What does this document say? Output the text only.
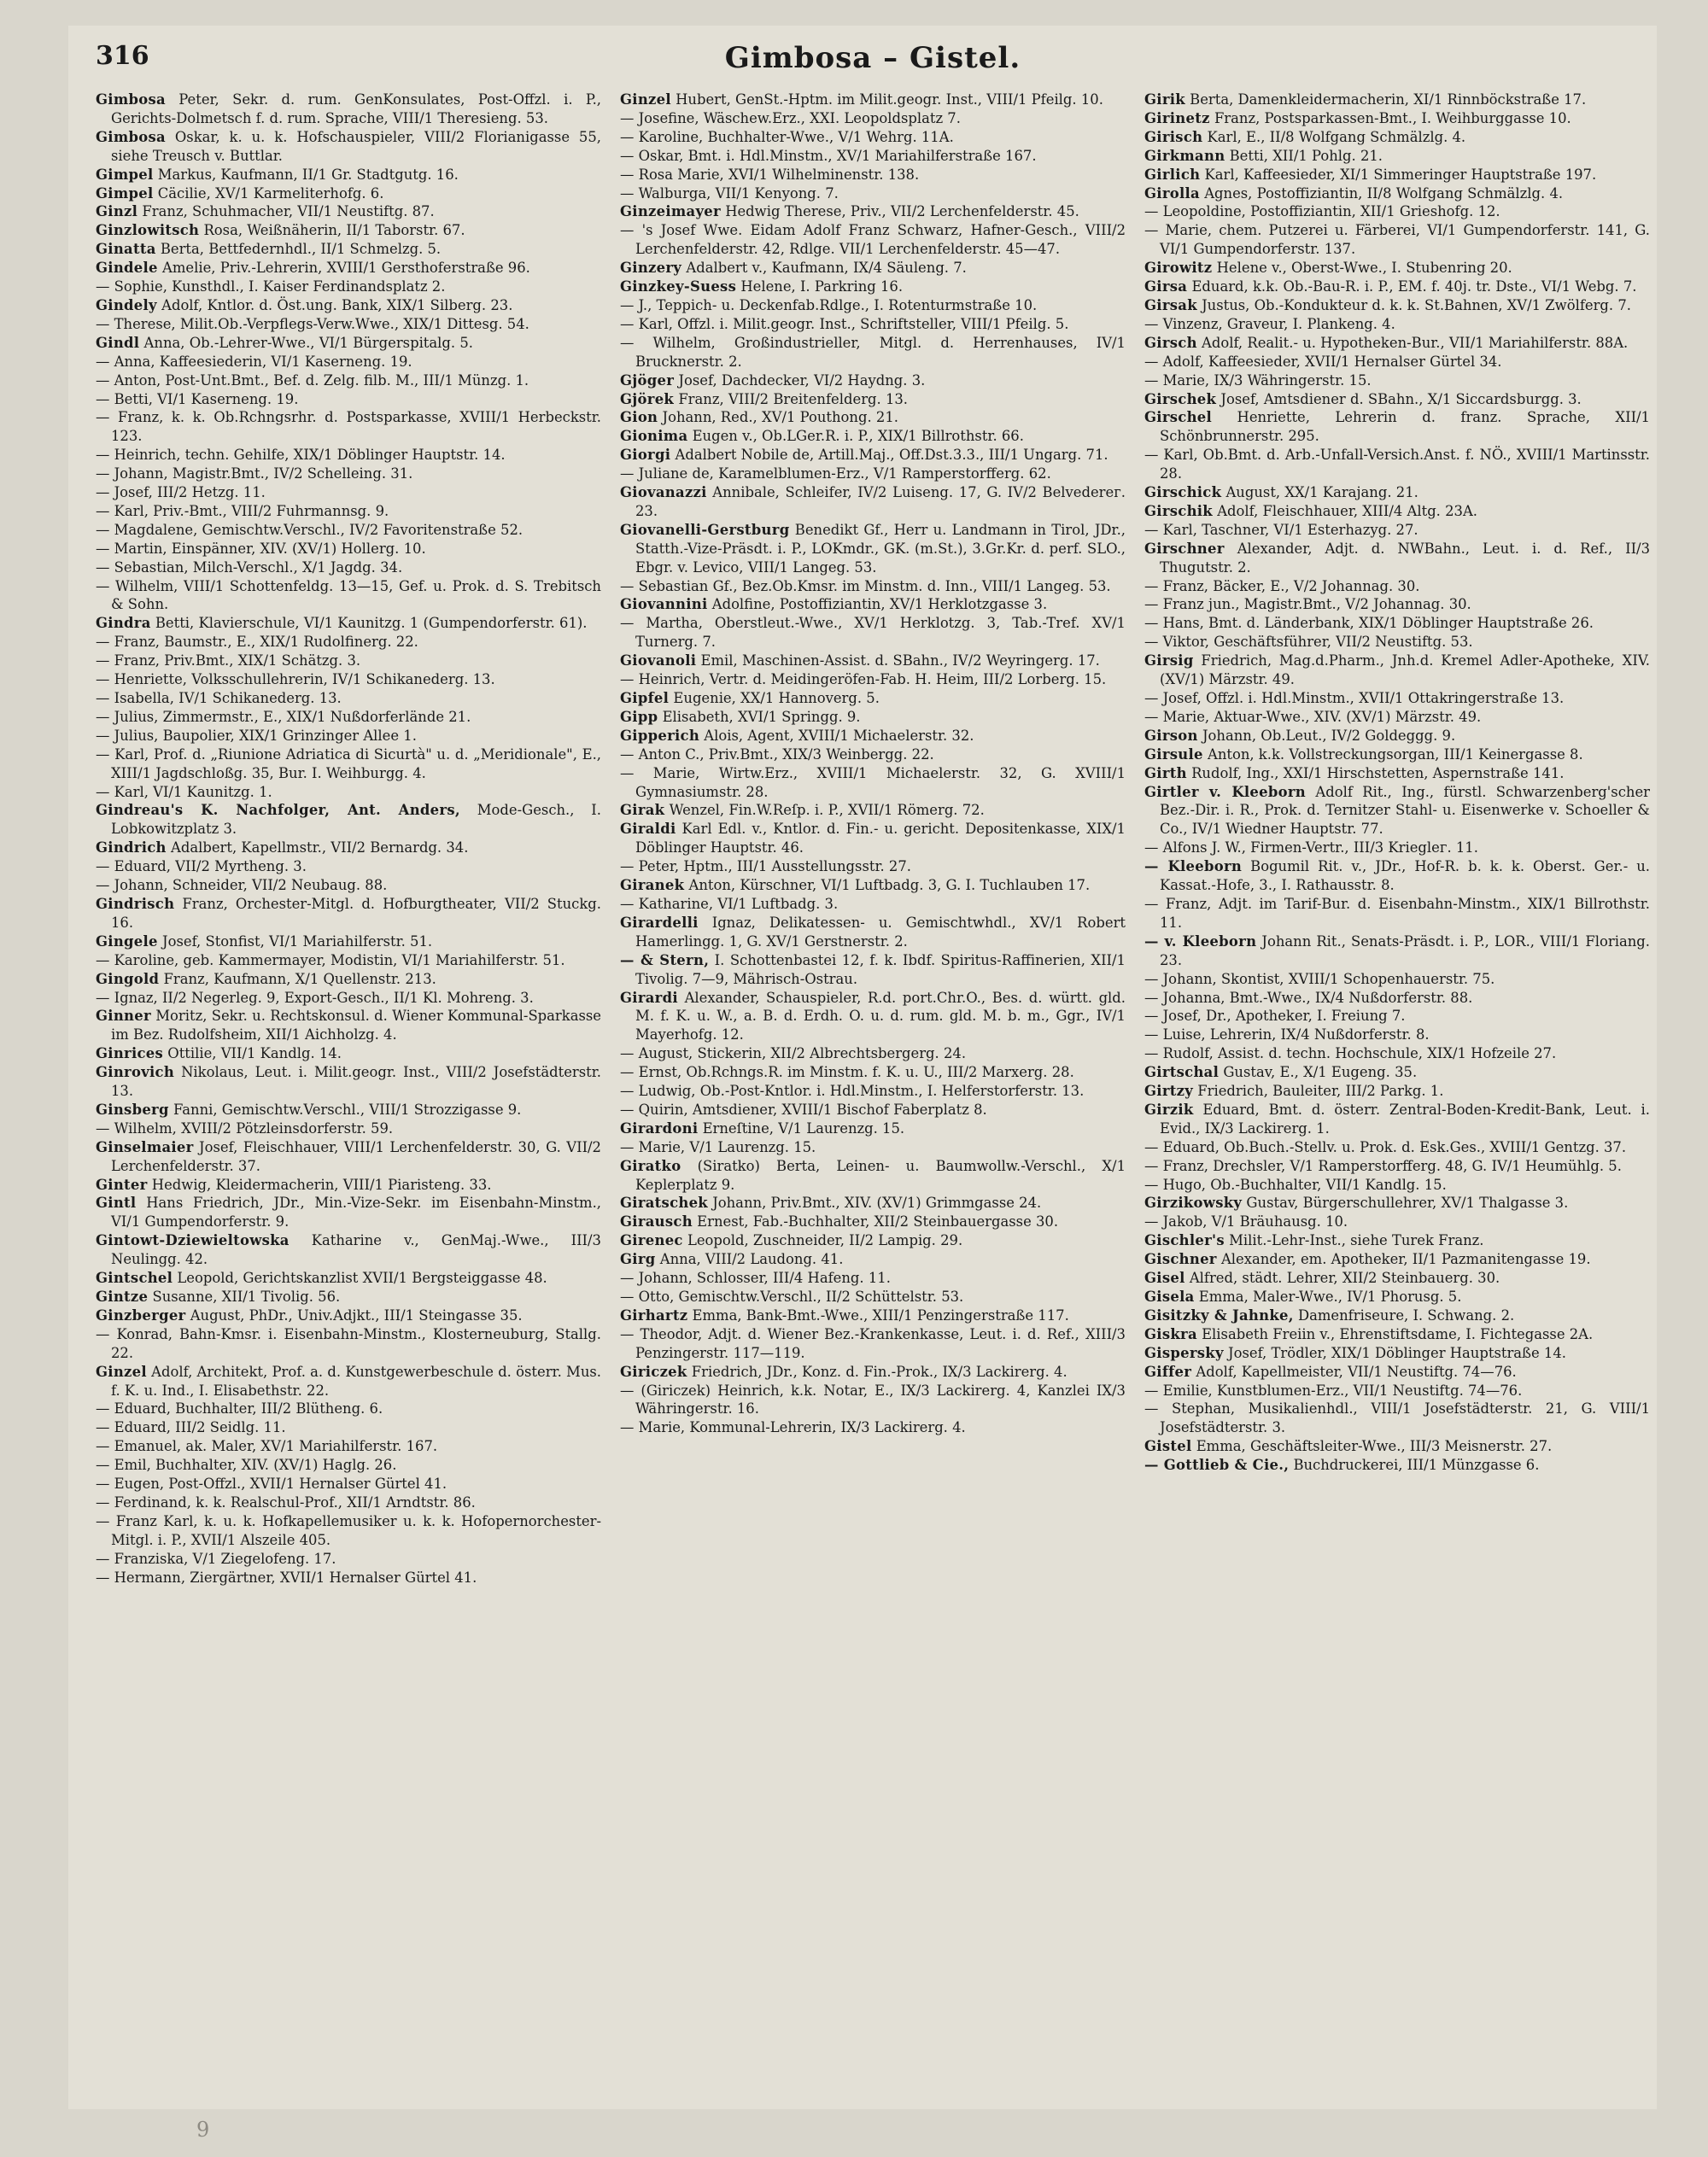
316	Gimbosa – Gistel.

Gimbosa Peter, Sekr. d. rum. GenKonsulates, Post-Offzl. i. P., Gerichts-Dolmetsch f. d. rum. Sprache, VIII/1 Theresieng. 53.

Gimbosa Oskar, k. u. k. Hofschauspieler, VIII/2 Florianigasse 55, siehe Treusch v. Buttlar.

Gimpel Markus, Kaufmann, II/1 Gr. Stadtgutg. 16.

Gimpel Cäcilie, XV/1 Karmeliterhofg. 6.

Ginzl Franz, Schuhmacher, VII/1 Neustiftg. 87.

Ginzlowitsch Rosa, Weißnäherin, II/1 Taborstr. 67.

Ginatta Berta, Bettfedernhdl., II/1 Schmelzg. 5.

Gindele Amelie, Priv.-Lehrerin, XVIII/1 Gersthoferstraße 96.

— Sophie, Kunsthdl., I. Kaiser Ferdinandsplatz 2.

Gindely Adolf, Kntlor. d. Öst.ung. Bank, XIX/1 Silberg. 23.

— Therese, Milit.Ob.-Verpflegs-Verw.Wwe., XIX/1 Dittesg. 54.

Gindl Anna, Ob.-Lehrer-Wwe., VI/1 Bürgerspitalg. 5.

— Anna, Kaffeesiederin, VI/1 Kaserneng. 19.

— Anton, Post-Unt.Bmt., Bef. d. Zelg. filb. M., III/1 Münzg. 1.

— Betti, VI/1 Kaserneng. 19.

— Franz, k. k. Ob.Rchngsrhr. d. Postsparkasse, XVIII/1 Herbeckstr. 123.

— Heinrich, techn. Gehilfe, XIX/1 Döblinger Hauptstr. 14.

— Johann, Magistr.Bmt., IV/2 Schelleing. 31.

— Josef, III/2 Hetzg. 11.

— Karl, Priv.-Bmt., VIII/2 Fuhrmannsg. 9.

— Magdalene, Gemischtw.Verschl., IV/2 Favoritenstraße 52.

— Martin, Einspänner, XIV. (XV/1) Hollerg. 10.

— Sebastian, Milch-Verschl., X/1 Jagdg. 34.

— Wilhelm, VIII/1 Schottenfeldg. 13—15, Gef. u. Prok. d. S. Trebitsch & Sohn.

Gindra Betti, Klavierschule, VI/1 Kaunitzg. 1 (Gumpendorferstr. 61).

— Franz, Baumstr., E., XIX/1 Rudolfinerg. 22.

— Franz, Priv.Bmt., XIX/1 Schätzg. 3.

— Henriette, Volksschullehrerin, IV/1 Schikanederg. 13.

— Isabella, IV/1 Schikanederg. 13.

— Julius, Zimmermstr., E., XIX/1 Nußdorferlände 21.

— Julius, Baupolier, XIX/1 Grinzinger Allee 1.

— Karl, Prof. d. „Riunione Adriatica di Sicurtà" u. d. „Meridionale", E., XIII/1 Jagdschloßg. 35, Bur. I. Weihburgg. 4.

— Karl, VI/1 Kaunitzg. 1.

Gindreau's K. Nachfolger, Ant. Anders, Mode-Gesch., I. Lobkowitzplatz 3.

Gindrich Adalbert, Kapellmstr., VII/2 Bernardg. 34.

— Eduard, VII/2 Myrtheng. 3.

— Johann, Schneider, VII/2 Neubaug. 88.

Gindrisch Franz, Orchester-Mitgl. d. Hofburgtheater, VII/2 Stuckg. 16.

Gingele Josef, Stonfist, VI/1 Mariahilferstr. 51.

— Karoline, geb. Kammermayer, Modistin, VI/1 Mariahilferstr. 51.

Gingold Franz, Kaufmann, X/1 Quellenstr. 213.

— Ignaz, II/2 Negerleg. 9, Export-Gesch., II/1 Kl. Mohreng. 3.

Ginner Moritz, Sekr. u. Rechtskonsul. d. Wiener Kommunal-Sparkasse im Bez. Rudolfsheim, XII/1 Aichholzg. 4.

Ginrices Ottilie, VII/1 Kandlg. 14.

Ginrovich Nikolaus, Leut. i. Milit.geogr. Inst., VIII/2 Josefstädterstr. 13.

Ginsberg Fanni, Gemischtw.Verschl., VIII/1 Strozzigasse 9.

— Wilhelm, XVIII/2 Pötzleinsdorferstr. 59.

Ginselmaier Josef, Fleischhauer, VIII/1 Lerchenfelderstr. 30, G. VII/2 Lerchenfelderstr. 37.

Ginter Hedwig, Kleidermacherin, VIII/1 Piaristeng. 33.

Gintl Hans Friedrich, JDr., Min.-Vize-Sekr. im Eisenbahn-Minstm., VI/1 Gumpendorferstr. 9.

Gintowt-Dziewieltowska Katharine v., GenMaj.-Wwe., III/3 Neulingg. 42.

Gintschel Leopold, Gerichtskanzlist XVII/1 Bergsteiggasse 48.

Gintze Susanne, XII/1 Tivolig. 56.

Ginzberger August, PhDr., Univ.Adjkt., III/1 Steingasse 35.

— Konrad, Bahn-Kmsr. i. Eisenbahn-Minstm., Klosterneuburg, Stallg. 22.

Ginzel Adolf, Architekt, Prof. a. d. Kunstgewerbeschule d. österr. Mus. f. K. u. Ind., I. Elisabethstr. 22.

— Eduard, Buchhalter, III/2 Blütheng. 6.

— Eduard, III/2 Seidlg. 11.

— Emanuel, ak. Maler, XV/1 Mariahilferstr. 167.

— Emil, Buchhalter, XIV. (XV/1) Haglg. 26.

— Eugen, Post-Offzl., XVII/1 Hernalser Gürtel 41.

— Ferdinand, k. k. Realschul-Prof., XII/1 Arndtstr. 86.

— Franz Karl, k. u. k. Hofkapellemusiker u. k. k. Hofopernorchester-Mitgl. i. P., XVII/1 Alszeile 405.

— Franziska, V/1 Ziegelofeng. 17.

— Hermann, Ziergärtner, XVII/1 Hernalser Gürtel 41.

Ginzel Hubert, GenSt.-Hptm. im Milit.geogr. Inst., VIII/1 Pfeilg. 10.

— Josefine, Wäschew.Erz., XXI. Leopoldsplatz 7.

— Karoline, Buchhalter-Wwe., V/1 Wehrg. 11A.

— Oskar, Bmt. i. Hdl.Minstm., XV/1 Mariahilferstraße 167.

— Rosa Marie, XVI/1 Wilhelminenstr. 138.

— Walburga, VII/1 Kenyong. 7.

Ginzeimayer Hedwig Therese, Priv., VII/2 Lerchenfelderstr. 45.

— 's Josef Wwe. Eidam Adolf Franz Schwarz, Hafner-Gesch., VIII/2 Lerchenfelderstr. 42, Rdlge. VII/1 Lerchenfelderstr. 45—47.

Ginzery Adalbert v., Kaufmann, IX/4 Säuleng. 7.

Ginzkey-Suess Helene, I. Parkring 16.

— J., Teppich- u. Deckenfab.Rdlge., I. Rotenturmstraße 10.

— Karl, Offzl. i. Milit.geogr. Inst., Schriftsteller, VIII/1 Pfeilg. 5.

— Wilhelm, Großindustrieller, Mitgl. d. Herrenhauses, IV/1 Brucknerstr. 2.

Gjöger Josef, Dachdecker, VI/2 Haydng. 3.

Gjörek Franz, VIII/2 Breitenfelderg. 13.

Gion Johann, Red., XV/1 Pouthong. 21.

Gionima Eugen v., Ob.LGer.R. i. P., XIX/1 Billrothstr. 66.

Giorgi Adalbert Nobile de, Artill.Maj., Off.Dst.3.3., III/1 Ungarg. 71.

— Juliane de, Karamelblumen-Erz., V/1 Ramperstorfferg. 62.

Giovanazzi Annibale, Schleifer, IV/2 Luiseng. 17, G. IV/2 Belvederег. 23.

Giovanelli-Gerstburg Benedikt Gf., Herr u. Landmann in Tirol, JDr., Statth.-Vize-Präsdt. i. P., LOKmdr., GK. (m.St.), 3.Gr.Kr. d. perf. SLO., Ebgr. v. Levico, VIII/1 Langeg. 53.

— Sebastian Gf., Bez.Ob.Kmsr. im Minstm. d. Inn., VIII/1 Langeg. 53.

Giovannini Adolfine, Postoffiziantin, XV/1 Herklotzgasse 3.

— Martha, Oberstleut.-Wwe., XV/1 Herklotzg. 3, Tab.-Tref. XV/1 Turnerg. 7.

Giovanoli Emil, Maschinen-Assist. d. SBahn., IV/2 Weyringerg. 17.

— Heinrich, Vertr. d. Meidingeröfen-Fab. H. Heim, III/2 Lorberg. 15.

Gipfel Eugenie, XX/1 Hannoverg. 5.

Gipp Elisabeth, XVI/1 Springg. 9.

Gipperich Alois, Agent, XVIII/1 Michaelerstr. 32.

— Anton C., Priv.Bmt., XIX/3 Weinbergg. 22.

— Marie, Wirtw.Erz., XVIII/1 Michaelerstr. 32, G. XVIII/1 Gymnasiumstr. 28.

Girak Wenzel, Fin.W.Reſp. i. P., XVII/1 Römerg. 72.

Giraldi Karl Edl. v., Kntlor. d. Fin.- u. gericht. Depositenkasse, XIX/1 Döblinger Hauptstr. 46.

— Peter, Hptm., III/1 Ausstellungsstr. 27.

Giranek Anton, Kürschner, VI/1 Luftbadg. 3, G. I. Tuchlauben 17.

— Katharine, VI/1 Luftbadg. 3.

Girardelli Ignaz, Delikatessen- u. Gemischtwhdl., XV/1 Robert Hamerlingg. 1, G. XV/1 Gerstnerstr. 2.

— & Stern, I. Schottenbastei 12, f. k. Ibdf. Spiritus-Raffinerien, XII/1 Tivolig. 7—9, Mährisch-Ostrau.

Girardi Alexander, Schauspieler, R.d. port.Chr.O., Bes. d. württ. gld. M. f. K. u. W., a. B. d. Erdh. O. u. d. rum. gld. M. b. m., Ggr., IV/1 Mayerhofg. 12.

— August, Stickerin, XII/2 Albrechtsbergerg. 24.

— Ernst, Ob.Rchngs.R. im Minstm. f. K. u. U., III/2 Marxerg. 28.

— Ludwig, Ob.-Post-Kntlor. i. Hdl.Minstm., I. Helferstorferstr. 13.

— Quirin, Amtsdiener, XVIII/1 Bischof Faberplatz 8.

Girardoni Erneſtine, V/1 Laurenzg. 15.

— Marie, V/1 Laurenzg. 15.

Giratko (Siratko) Berta, Leinen- u. Baumwollw.-Verschl., X/1 Keplerplatz 9.

Giratschek Johann, Priv.Bmt., XIV. (XV/1) Grimmgasse 24.

Girausch Ernest, Fab.-Buchhalter, XII/2 Steinbauergasse 30.

Girenec Leopold, Zuschneider, II/2 Lampig. 29.

Girg Anna, VIII/2 Laudong. 41.

— Johann, Schlosser, III/4 Hafeng. 11.

— Otto, Gemischtw.Verschl., II/2 Schüttelstr. 53.

Girhartz Emma, Bank-Bmt.-Wwe., XIII/1 Penzingerstraße 117.

— Theodor, Adjt. d. Wiener Bez.-Krankenkasse, Leut. i. d. Ref., XIII/3 Penzingerstr. 117—119.

Giriczek Friedrich, JDr., Konz. d. Fin.-Prok., IX/3 Lackirerg. 4.

— (Giriczek) Heinrich, k.k. Notar, E., IX/3 Lackirerg. 4, Kanzlei IX/3 Währingerstr. 16.

— Marie, Kommunal-Lehrerin, IX/3 Lackirerg. 4.

Girik Berta, Damenkleidermacherin, XI/1 Rinnböckstraße 17.

Girinetz Franz, Postsparkassen-Bmt., I. Weihburggasse 10.

Girisch Karl, E., II/8 Wolfgang Schmälzlg. 4.

Girkmann Betti, XII/1 Pohlg. 21.

Girlich Karl, Kaffeesieder, XI/1 Simmeringer Hauptstraße 197.

Girolla Agnes, Postoffiziantin, II/8 Wolfgang Schmälzlg. 4.

— Leopoldine, Postoffiziantin, XII/1 Grieshofg. 12.

— Marie, chem. Putzerei u. Färberei, VI/1 Gumpendorferstr. 141, G. VI/1 Gumpendorferstr. 137.

Girowitz Helene v., Oberst-Wwe., I. Stubenring 20.

Girsa Eduard, k.k. Ob.-Bau-R. i. P., EM. f. 40j. tr. Dste., VI/1 Webg. 7.

Girsak Justus, Ob.-Kondukteur d. k. k. St.Bahnen, XV/1 Zwölferg. 7.

— Vinzenz, Graveur, I. Plankeng. 4.

Girsch Adolf, Realit.- u. Hypotheken-Bur., VII/1 Mariahilferstr. 88A.

— Adolf, Kaffeesieder, XVII/1 Hernalser Gürtel 34.

— Marie, IX/3 Währingerstr. 15.

Girschek Josef, Amtsdiener d. SBahn., X/1 Siccardsburgg. 3.

Girschel Henriette, Lehrerin d. franz. Sprache, XII/1 Schönbrunnerstr. 295.

— Karl, Ob.Bmt. d. Arb.-Unfall-Versich.Anst. f. NÖ., XVIII/1 Martinsstr. 28.

Girschick August, XX/1 Karajang. 21.

Girschik Adolf, Fleischhauer, XIII/4 Altg. 23A.

— Karl, Taschner, VI/1 Esterhazyg. 27.

Girschner Alexander, Adjt. d. NWBahn., Leut. i. d. Ref., II/3 Thugutstr. 2.

— Franz, Bäcker, E., V/2 Johannag. 30.

— Franz jun., Magistr.Bmt., V/2 Johannag. 30.

— Hans, Bmt. d. Länderbank, XIX/1 Döblinger Hauptstraße 26.

— Viktor, Geschäftsführer, VII/2 Neustiftg. 53.

Girsig Friedrich, Mag.d.Pharm., Jnh.d. Kremel Adler-Apotheke, XIV. (XV/1) Märzstr. 49.

— Josef, Offzl. i. Hdl.Minstm., XVII/1 Ottakringerstraße 13.

— Marie, Aktuar-Wwe., XIV. (XV/1) Märzstr. 49.

Girson Johann, Ob.Leut., IV/2 Goldeggg. 9.

Girsule Anton, k.k. Vollstreckungsorgan, III/1 Keinergasse 8.

Girth Rudolf, Ing., XXI/1 Hirschstetten, Aspernstraße 141.

Girtler v. Kleeborn Adolf Rit., Ing., fürstl. Schwarzenberg'scher Bez.-Dir. i. R., Prok. d. Ternitzer Stahl- u. Eisenwerke v. Schoeller & Co., IV/1 Wiedner Hauptstr. 77.

— Alfons J. W., Firmen-Vertr., III/3 Kriegleг. 11.

— Kleeborn Bogumil Rit. v., JDr., Hof-R. b. k. k. Oberst. Ger.- u. Kassat.-Hofe, 3., I. Rathausstr. 8.

— Franz, Adjt. im Tarif-Bur. d. Eisenbahn-Minstm., XIX/1 Billrothstr. 11.

— v. Kleeborn Johann Rit., Senats-Präsdt. i. P., LOR., VIII/1 Floriang. 23.

— Johann, Skontist, XVIII/1 Schopenhauerstr. 75.

— Johanna, Bmt.-Wwe., IX/4 Nußdorferstr. 88.

— Josef, Dr., Apotheker, I. Freiung 7.

— Luise, Lehrerin, IX/4 Nußdorferstr. 8.

— Rudolf, Assist. d. techn. Hochschule, XIX/1 Hofzeile 27.

Girtschal Gustav, E., X/1 Eugeng. 35.

Girtzy Friedrich, Bauleiter, III/2 Parkg. 1.

Girzik Eduard, Bmt. d. österr. Zentral-Boden-Kredit-Bank, Leut. i. Evid., IX/3 Lackirerg. 1.

— Eduard, Ob.Buch.-Stellv. u. Prok. d. Esk.Ges., XVIII/1 Gentzg. 37.

— Franz, Drechsler, V/1 Ramperstorfferg. 48, G. IV/1 Heumühlg. 5.

— Hugo, Ob.-Buchhalter, VII/1 Kandlg. 15.

Girzikowsky Gustav, Bürgerschullehrer, XV/1 Thalgasse 3.

— Jakob, V/1 Bräuhausg. 10.

Gischler's Milit.-Lehr-Inst., siehe Turek Franz.

Gischner Alexander, em. Apotheker, II/1 Pazmanitengasse 19.

Gisel Alfred, städt. Lehrer, XII/2 Steinbauerg. 30.

Gisela Emma, Maler-Wwe., IV/1 Phorusg. 5.

Gisitzky & Jahnke, Damenfriseure, I. Schwang. 2.

Giskra Elisabeth Freiin v., Ehrenstiftsdame, I. Fichtegasse 2A.

Gispersky Josef, Trödler, XIX/1 Döblinger Hauptstraße 14.

Giffer Adolf, Kapellmeister, VII/1 Neustiftg. 74—76.

— Emilie, Kunstblumen-Erz., VII/1 Neustiftg. 74—76.

— Stephan, Musikalienhdl., VIII/1 Josefstädterstr. 21, G. VIII/1 Josefstädterstr. 3.

Gistel Emma, Geschäftsleiter-Wwe., III/3 Meisnerstr. 27.

— Gottlieb & Cie., Buchdruckerei, III/1 Münzgasse 6.

9
